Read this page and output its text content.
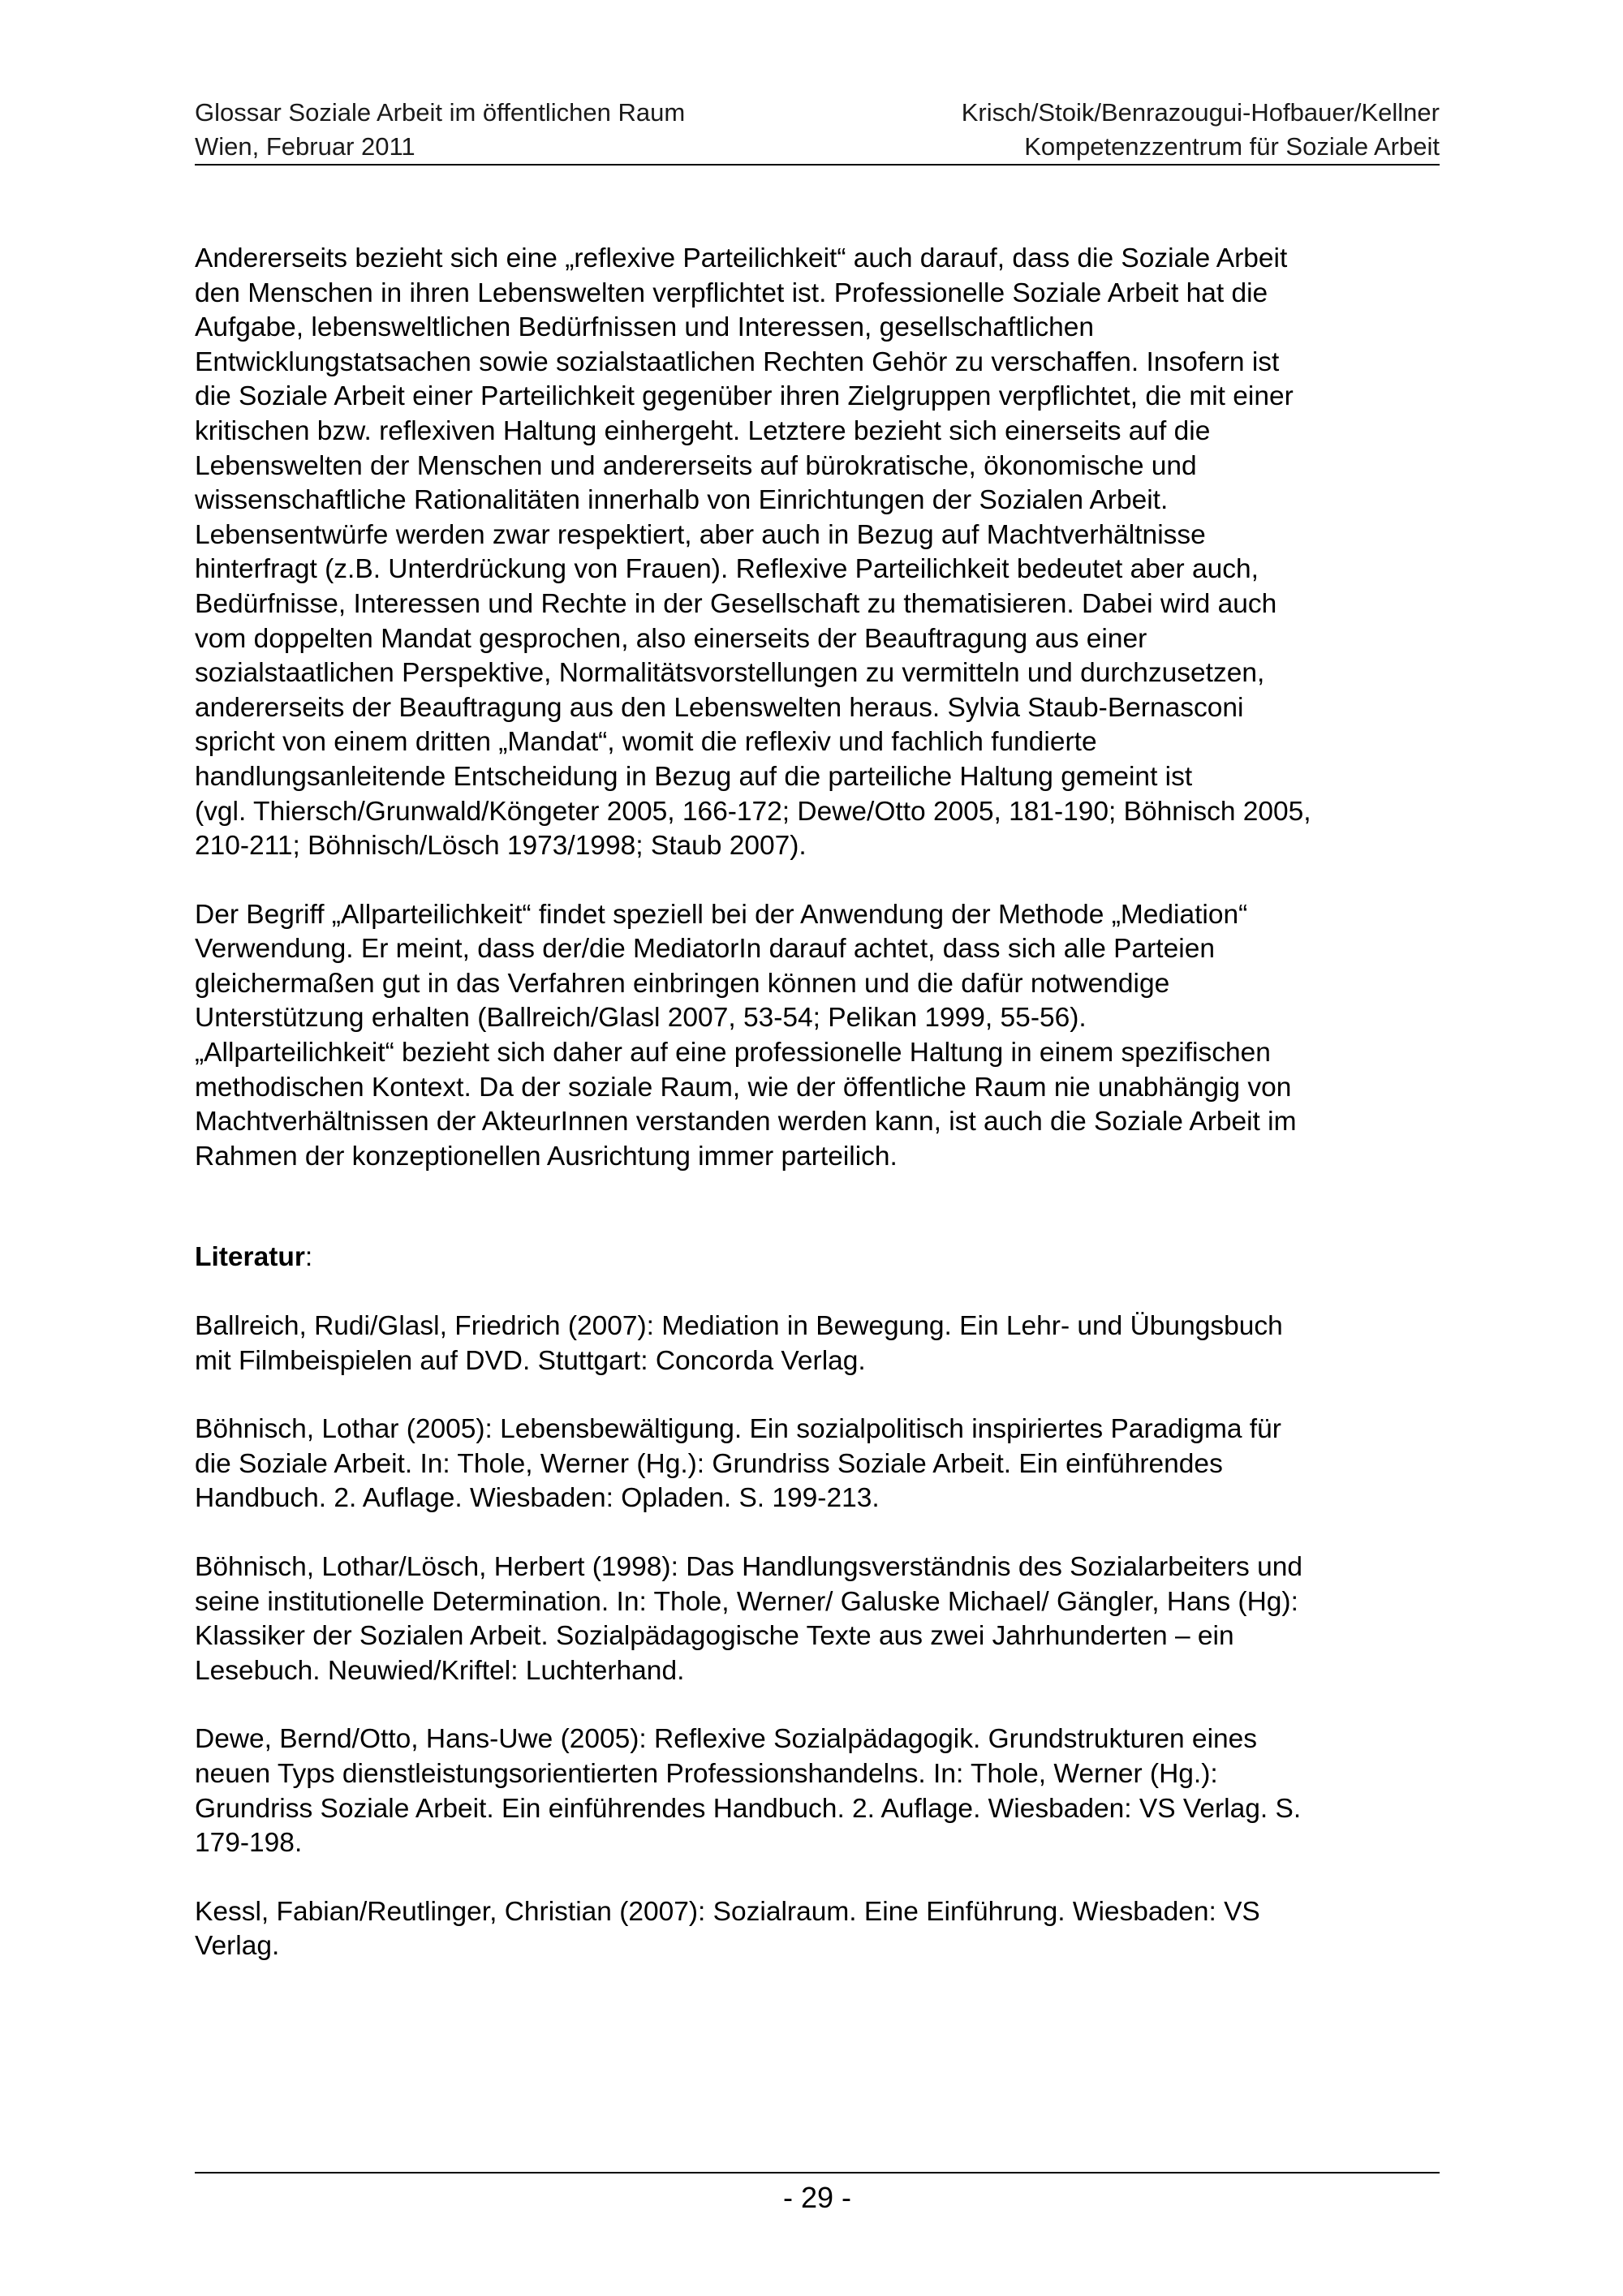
Glossar Soziale Arbeit im öffentlichen Raum
Wien, Februar 2011
Krisch/Stoik/Benrazougui-Hofbauer/Kellner
Kompetenzzentrum für Soziale Arbeit
Andererseits bezieht sich eine „reflexive Parteilichkeit“ auch darauf, dass die Soziale Arbeit
den Menschen in ihren Lebenswelten verpflichtet ist. Professionelle Soziale Arbeit hat die
Aufgabe, lebensweltlichen Bedürfnissen und Interessen, gesellschaftlichen
Entwicklungstatsachen sowie sozialstaatlichen Rechten Gehör zu verschaffen. Insofern ist
die Soziale Arbeit einer Parteilichkeit gegenüber ihren Zielgruppen verpflichtet, die mit einer
kritischen bzw. reflexiven Haltung einhergeht. Letztere bezieht sich einerseits auf die
Lebenswelten der Menschen und andererseits auf bürokratische, ökonomische und
wissenschaftliche Rationalitäten innerhalb von Einrichtungen der Sozialen Arbeit.
Lebensentwürfe werden zwar respektiert, aber auch in Bezug auf Machtverhältnisse
hinterfragt (z.B. Unterdrückung von Frauen). Reflexive Parteilichkeit bedeutet aber auch,
Bedürfnisse, Interessen und Rechte in der Gesellschaft zu thematisieren. Dabei wird auch
vom doppelten Mandat gesprochen, also einerseits der Beauftragung aus einer
sozialstaatlichen Perspektive, Normalitätsvorstellungen zu vermitteln und durchzusetzen,
andererseits der Beauftragung aus den Lebenswelten heraus. Sylvia Staub-Bernasconi
spricht von einem dritten „Mandat“, womit die reflexiv und fachlich fundierte
handlungsanleitende Entscheidung in Bezug auf die parteiliche Haltung gemeint ist
(vgl. Thiersch/Grunwald/Köngeter 2005, 166-172; Dewe/Otto 2005, 181-190; Böhnisch 2005,
210-211; Böhnisch/Lösch 1973/1998; Staub 2007).
Der Begriff „Allparteilichkeit“ findet speziell bei der Anwendung der Methode „Mediation“
Verwendung. Er meint, dass der/die MediatorIn darauf achtet, dass sich alle Parteien
gleichermaßen gut in das Verfahren einbringen können und die dafür notwendige
Unterstützung erhalten (Ballreich/Glasl 2007, 53-54; Pelikan 1999, 55-56).
„Allparteilichkeit“ bezieht sich daher auf eine professionelle Haltung in einem spezifischen
methodischen Kontext. Da der soziale Raum, wie der öffentliche Raum nie unabhängig von
Machtverhältnissen der AkteurInnen verstanden werden kann, ist auch die Soziale Arbeit im
Rahmen der konzeptionellen Ausrichtung immer parteilich.
Literatur:
Ballreich, Rudi/Glasl, Friedrich (2007): Mediation in Bewegung. Ein Lehr- und Übungsbuch
mit Filmbeispielen auf DVD. Stuttgart: Concorda Verlag.
Böhnisch, Lothar (2005): Lebensbewältigung. Ein sozialpolitisch inspiriertes Paradigma für
die Soziale Arbeit. In: Thole, Werner (Hg.): Grundriss Soziale Arbeit. Ein einführendes
Handbuch. 2. Auflage. Wiesbaden: Opladen. S. 199-213.
Böhnisch, Lothar/Lösch, Herbert (1998): Das Handlungsverständnis des Sozialarbeiters und
seine institutionelle Determination. In: Thole, Werner/ Galuske Michael/ Gängler, Hans (Hg):
Klassiker der Sozialen Arbeit. Sozialpädagogische Texte aus zwei Jahrhunderten – ein
Lesebuch. Neuwied/Kriftel: Luchterhand.
Dewe, Bernd/Otto, Hans-Uwe (2005): Reflexive Sozialpädagogik. Grundstrukturen eines
neuen Typs dienstleistungsorientierten Professionshandelns. In: Thole, Werner (Hg.):
Grundriss Soziale Arbeit. Ein einführendes Handbuch. 2. Auflage. Wiesbaden: VS Verlag. S.
179-198.
Kessl, Fabian/Reutlinger, Christian (2007): Sozialraum. Eine Einführung. Wiesbaden: VS
Verlag.
- 29 -
